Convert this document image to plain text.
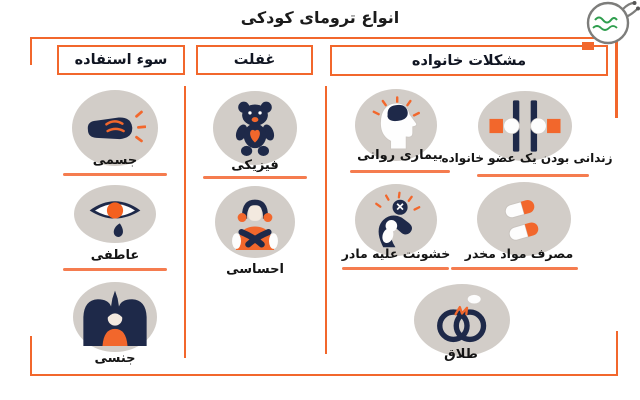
انواع ترومای کودکی
سوء استفاده	غفلت	مشکلات خانواده
جسمی
عاطفی
جنسی
فیزیکی
احساسی
بیماری روانی
زندانی بودن یک عضو خانواده
خشونت علیه مادر	مصرف مواد مخدر
طلاق
